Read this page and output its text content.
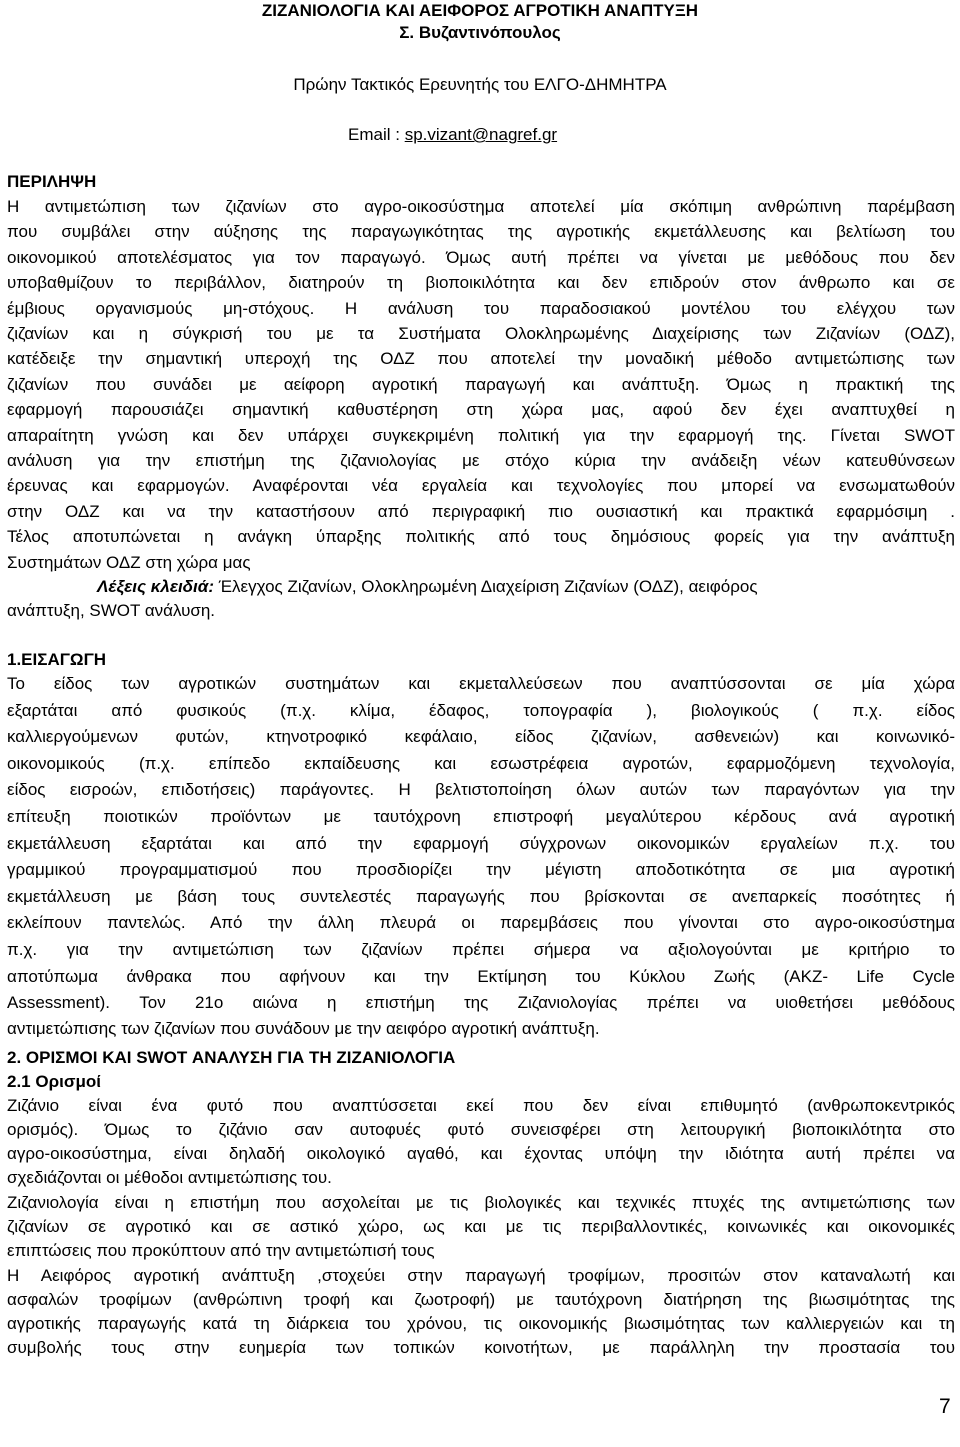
ΖΙΖΑΝΙΟΛΟΓΙΑ ΚΑΙ ΑΕΙΦΟΡΟΣ ΑΓΡΟΤΙΚΗ ΑΝΑΠΤΥΞΗ
Σ. Βυζαντινόπουλος
Πρώην Τακτικός Ερευνητής του ΕΛΓΟ-ΔΗΜΗΤΡΑ
Email : sp.vizant@nagref.gr
ΠΕΡΙΛΗΨΗ
Η αντιμετώπιση των ζιζανίων στο αγρο-οικοσύστημα αποτελεί μία σκόπιμη ανθρώπινη παρέμβαση
που συμβάλει στην αύξησης της παραγωγικότητας της αγροτικής εκμετάλλευσης και βελτίωση του
οικονομικού αποτελέσματος για τον παραγωγό. Όμως αυτή πρέπει να γίνεται με μεθόδους που δεν
υποβαθμίζουν το περιβάλλον, διατηρούν τη βιοποικιλότητα και δεν επιδρούν στον άνθρωπο και σε
έμβιους οργανισμούς μη-στόχους. Η ανάλυση του παραδοσιακού μοντέλου του ελέγχου των
ζιζανίων και η σύγκρισή του με τα Συστήματα Ολοκληρωμένης Διαχείρισης των Ζιζανίων (ΟΔΖ),
κατέδειξε την σημαντική υπεροχή της ΟΔΖ που αποτελεί την μοναδική μέθοδο αντιμετώπισης των
ζιζανίων που συνάδει με αείφορη αγροτική παραγωγή και ανάπτυξη. Όμως η πρακτική της
εφαρμογή παρουσιάζει σημαντική καθυστέρηση στη χώρα μας, αφού δεν έχει αναπτυχθεί η
απαραίτητη γνώση και δεν υπάρχει συγκεκριμένη πολιτική για την εφαρμογή της. Γίνεται SWOT
ανάλυση για την επιστήμη της ζιζανιολογίας με στόχο κύρια την ανάδειξη νέων κατευθύνσεων
έρευνας και εφαρμογών. Αναφέρονται νέα εργαλεία και τεχνολογίες που μπορεί να ενσωματωθούν
στην ΟΔΖ και να την καταστήσουν από περιγραφική πιο ουσιαστική και πρακτικά εφαρμόσιμη .
Τέλος αποτυπώνεται η ανάγκη ύπαρξης πολιτικής από τους δημόσιους φορείς για την ανάπτυξη
Συστημάτων ΟΔΖ στη χώρα μας
Λέξεις κλειδιά: Έλεγχος Ζιζανίων, Ολοκληρωμένη Διαχείριση Ζιζανίων (ΟΔΖ), αειφόρος
ανάπτυξη, SWOT ανάλυση.
1.ΕΙΣΑΓΩΓΗ
Το είδος των αγροτικών συστημάτων και εκμεταλλεύσεων που αναπτύσσονται σε μία χώρα
εξαρτάται από φυσικούς (π.χ. κλίμα, έδαφος, τοπογραφία ), βιολογικούς ( π.χ. είδος
καλλιεργούμενων φυτών, κτηνοτροφικό κεφάλαιο, είδος ζιζανίων, ασθενειών) και κοινωνικό-
οικονομικούς (π.χ. επίπεδο εκπαίδευσης και εσωστρέφεια αγροτών, εφαρμοζόμενη τεχνολογία,
είδος εισροών, επιδοτήσεις) παράγοντες. Η βελτιστοποίηση όλων αυτών των παραγόντων για την
επίτευξη ποιοτικών προϊόντων με ταυτόχρονη επιστροφή μεγαλύτερου κέρδους ανά αγροτική
εκμετάλλευση εξαρτάται και από την εφαρμογή σύγχρονων οικονομικών εργαλείων π.χ. του
γραμμικού προγραμματισμού που προσδιορίζει την μέγιστη αποδοτικότητα σε μια αγροτική
εκμετάλλευση με βάση τους συντελεστές παραγωγής που βρίσκονται σε ανεπαρκείς ποσότητες ή
εκλείπουν παντελώς. Από την άλλη πλευρά οι παρεμβάσεις που γίνονται στο αγρο-οικοσύστημα
π.χ. για την αντιμετώπιση των ζιζανίων πρέπει σήμερα να αξιολογούνται με κριτήριο το
αποτύπωμα άνθρακα που αφήνουν και την Εκτίμηση του Κύκλου Ζωής (AKZ- Life Cycle
Assessment). Τον 21ο αιώνα η επιστήμη της Ζιζανιολογίας πρέπει να υιοθετήσει μεθόδους
αντιμετώπισης των ζιζανίων που συνάδουν με την αειφόρο αγροτική ανάπτυξη.
2. ΟΡΙΣΜΟΙ ΚΑΙ SWOT ΑΝΑΛΥΣΗ ΓΙΑ ΤΗ ΖΙΖΑΝΙΟΛΟΓΙΑ
2.1 Ορισμοί
Ζιζάνιο είναι ένα φυτό που αναπτύσσεται εκεί που δεν είναι επιθυμητό (ανθρωποκεντρικός
ορισμός). Όμως το ζιζάνιο σαν αυτοφυές φυτό συνεισφέρει στη λειτουργική βιοποικιλότητα στο
αγρο-οικοσύστημα, είναι δηλαδή οικολογικό αγαθό, και έχοντας υπόψη την ιδιότητα αυτή πρέπει να
σχεδιάζονται οι μέθοδοι αντιμετώπισης του.
Ζιζανιολογία είναι η επιστήμη που ασχολείται με τις βιολογικές και τεχνικές πτυχές της αντιμετώπισης των
ζιζανίων σε αγροτικό και σε αστικό χώρο, ως και με τις περιβαλλοντικές, κοινωνικές και οικονομικές
επιπτώσεις που προκύπτουν από την αντιμετώπισή τους
Η Αειφόρος αγροτική ανάπτυξη ,στοχεύει στην παραγωγή τροφίμων, προσιτών στον καταναλωτή και
ασφαλών τροφίμων (ανθρώπινη τροφή και ζωοτροφή) με ταυτόχρονη διατήρηση της βιωσιμότητας της
αγροτικής παραγωγής κατά τη διάρκεια του χρόνου, τις οικονομικής βιωσιμότητας των καλλιεργειών και τη
συμβολής τους στην ευημερία των τοπικών κοινοτήτων, με παράλληλη την προστασία του
7
